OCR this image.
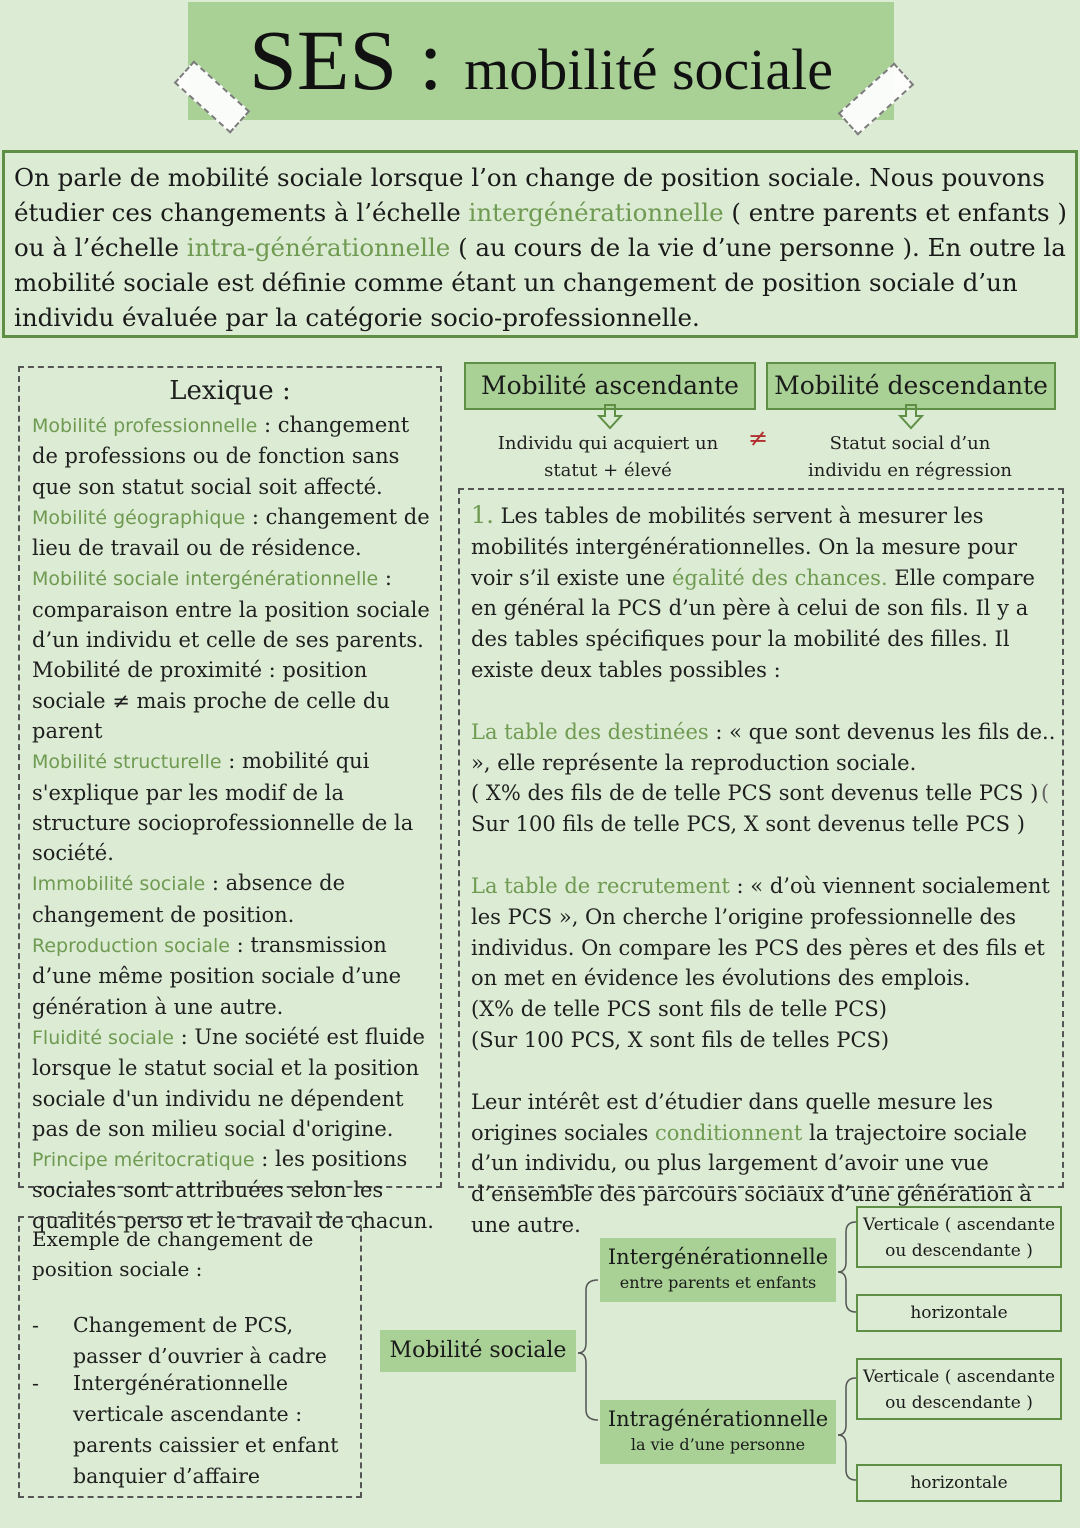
SES : mobilité sociale
On parle de mobilité sociale lorsque l’on change de position sociale. Nous pouvons étudier ces changements à l’échelle intergénérationnelle ( entre parents et enfants ) ou à l’échelle intra-générationnelle ( au cours de la vie d’une personne ). En outre la mobilité sociale est définie comme étant un changement de position sociale d’un individu évaluée par la catégorie socio-professionnelle.
Lexique :
Mobilité professionnelle : changement de professions ou de fonction sans que son statut social soit affecté.
Mobilité géographique : changement de lieu de travail ou de résidence.
Mobilité sociale intergénérationnelle : comparaison entre la position sociale d’un individu et celle de ses parents.
Mobilité de proximité : position sociale ≠ mais proche de celle du parent
Mobilité structurelle : mobilité qui s'explique par les modif de la structure socioprofessionnelle de la société.
Immobilité sociale : absence de changement de position.
Reproduction sociale : transmission d’une même position sociale d’une génération à une autre.
Fluidité sociale : Une société est fluide lorsque le statut social et la position sociale d'un individu ne dépendent pas de son milieu social d'origine.
Principe méritocratique : les positions sociales sont attribuées selon les qualités perso et le travail de chacun.
Mobilité ascendante
Individu qui acquiert un
statut + élevé
≠
Mobilité descendante
Statut social d’un
individu en régression

1. Les tables de mobilités servent à mesurer les mobilités intergénérationnelles. On la mesure pour voir s’il existe une égalité des chances. Elle compare en général la PCS d’un père à celui de son fils. Il y a des tables spécifiques pour la mobilité des filles. Il existe deux tables possibles :

La table des destinées : « que sont devenus les fils de.. », elle représente la reproduction sociale.
( X% des fils de de telle PCS sont devenus telle PCS ) (

Sur 100 fils de telle PCS, X sont devenus telle PCS )

La table de recrutement : « d’où viennent socialement les PCS », On cherche l’origine professionnelle des individus. On compare les PCS des pères et des fils et on met en évidence les évolutions des emplois.
(X% de telle PCS sont fils de telle PCS)
(Sur 100 PCS, X sont fils de telles PCS)

Leur intérêt est d’étudier dans quelle mesure les origines sociales conditionnent la trajectoire sociale d’un individu, ou plus largement d’avoir une vue d’ensemble des parcours sociaux d’une génération à une autre.

Exemple de changement de position sociale :
-	Changement de PCS, passer d’ouvrier à cadre
-	Intergénérationnelle verticale ascendante : parents caissier et enfant banquier d’affaire
Mobilité sociale
Intergénérationnelle
entre parents et enfants
Intragénérationnelle
la vie d’une personne
Verticale ( ascendante ou descendante )
horizontale
Verticale ( ascendante ou descendante )
horizontale
